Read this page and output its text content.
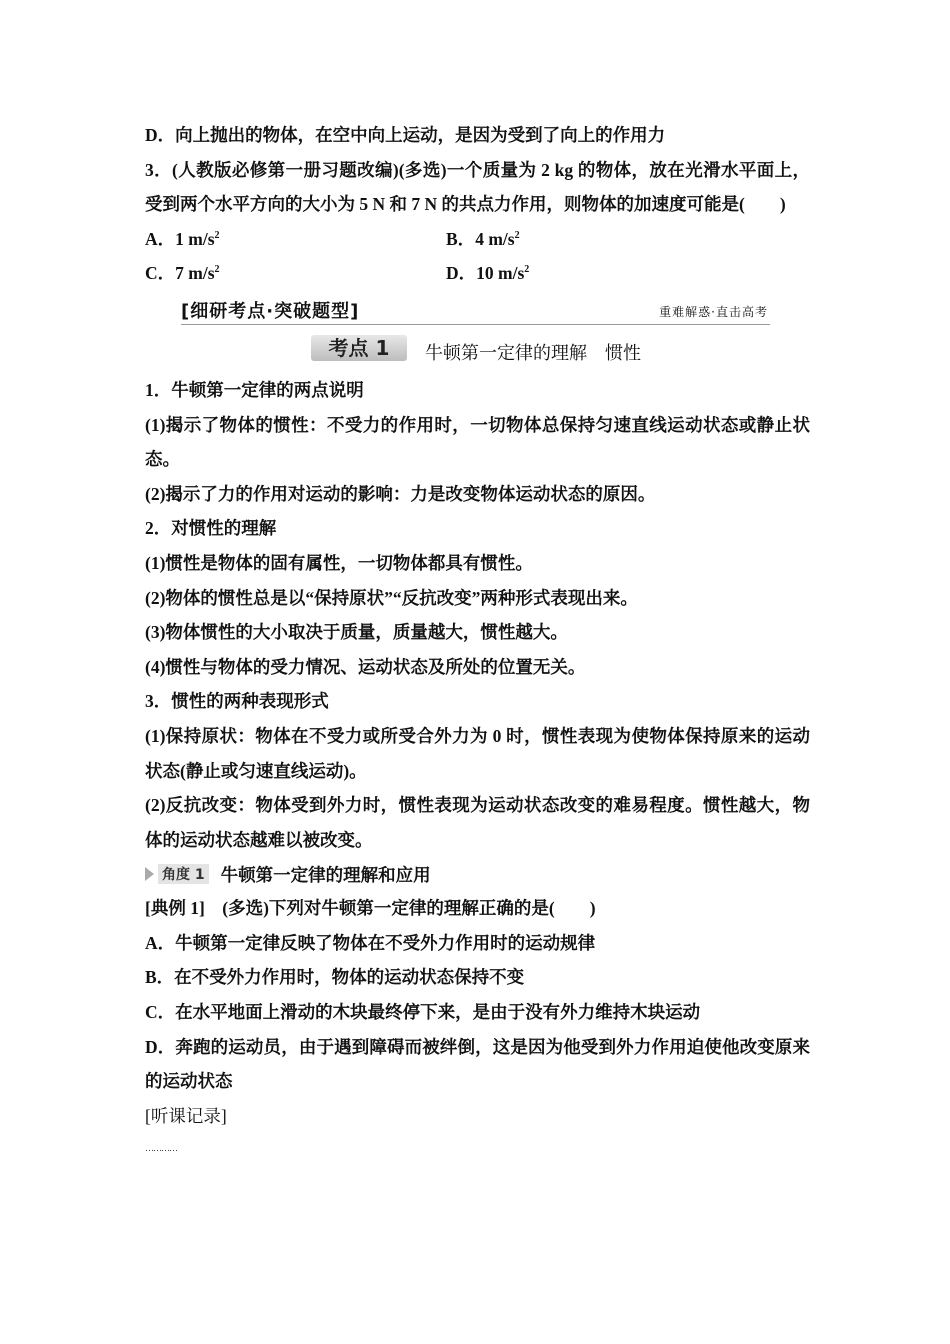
D．向上抛出的物体，在空中向上运动，是因为受到了向上的作用力
3．(人教版必修第一册习题改编)(多选)一个质量为 2 kg 的物体，放在光滑水平面上，受到两个水平方向的大小为 5 N 和 7 N 的共点力作用，则物体的加速度可能是(　　)
A．1 $m/s^2$	B．4 $m/s^2$
C．7 $m/s^2$	D．10 $m/s^2$
[细研考点·突破题型]	重难解惑·直击高考
考点 1	牛顿第一定律的理解　惯性
1．牛顿第一定律的两点说明
(1)揭示了物体的惯性：不受力的作用时，一切物体总保持匀速直线运动状态或静止状态。
(2)揭示了力的作用对运动的影响：力是改变物体运动状态的原因。
2．对惯性的理解
(1)惯性是物体的固有属性，一切物体都具有惯性。
(2)物体的惯性总是以“保持原状”“反抗改变”两种形式表现出来。
(3)物体惯性的大小取决于质量，质量越大，惯性越大。
(4)惯性与物体的受力情况、运动状态及所处的位置无关。
3．惯性的两种表现形式
(1)保持原状：物体在不受力或所受合外力为 0 时，惯性表现为使物体保持原来的运动状态(静止或匀速直线运动)。
(2)反抗改变：物体受到外力时，惯性表现为运动状态改变的难易程度。惯性越大，物体的运动状态越难以被改变。
角度 1 牛顿第一定律的理解和应用
[典例 1]　 (多选)下列对牛顿第一定律的理解正确的是(　　)
A．牛顿第一定律反映了物体在不受外力作用时的运动规律
B．在不受外力作用时，物体的运动状态保持不变
C．在水平地面上滑动的木块最终停下来，是由于没有外力维持木块运动
D．奔跑的运动员，由于遇到障碍而被绊倒，这是因为他受到外力作用迫使他改变原来的运动状态
[听课记录]
…………
